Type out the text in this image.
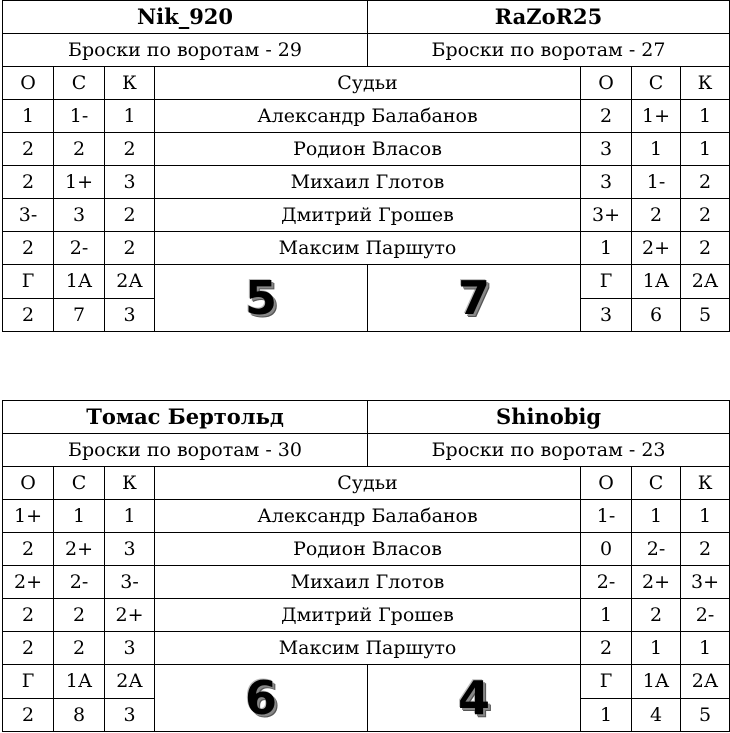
Nik_920				RaZoR25			
Броски по воротам - 29				Броски по воротам - 27			
О	С	К	Судьи		О	С	К
1	1-	1	Александр Балабанов		2	1+	1
2	2	2	Родион Власов		3	1	1
2	1+	3	Михаил Глотов		3	1-	2
3-	3	2	Дмитрий Грошев		3+	2	2
2	2-	2	Максим Паршуто		1	2+	2
Г	1А	2А	5	7	Г	1А	2А
2	7	3			3	6	5
Томас Бертольд				Shinobig			
Броски по воротам - 30				Броски по воротам - 23			
О	С	К	Судьи		О	С	К
1+	1	1	Александр Балабанов		1-	1	1
2	2+	3	Родион Власов		0	2-	2
2+	2-	3-	Михаил Глотов		2-	2+	3+
2	2	2+	Дмитрий Грошев		1	2	2-
2	2	3	Максим Паршуто		2	1	1
Г	1А	2А	6	4	Г	1А	2А
2	8	3			1	4	5
